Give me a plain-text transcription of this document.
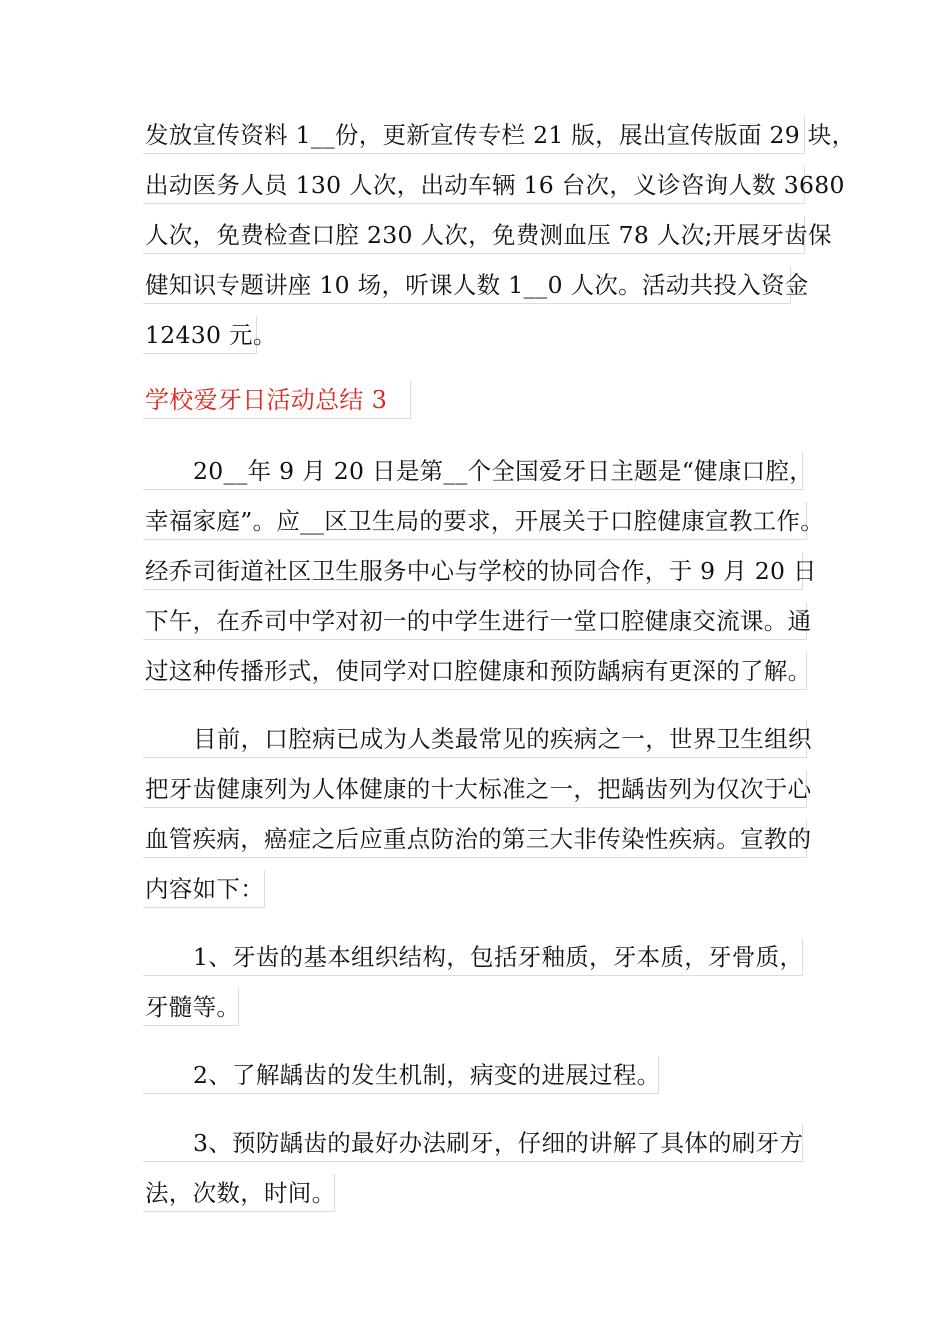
发放宣传资料 1__份，更新宣传专栏 21 版，展出宣传版面 29 块，
出动医务人员 130 人次，出动车辆 16 台次，义诊咨询人数 3680
人次，免费检查口腔 230 人次，免费测血压 78 人次;开展牙齿保
健知识专题讲座 10 场，听课人数 1__0 人次。活动共投入资金
12430 元。
学校爱牙日活动总结 3
20__年 9 月 20 日是第__个全国爱牙日主题是“健康口腔，
幸福家庭”。应__区卫生局的要求，开展关于口腔健康宣教工作。
经乔司街道社区卫生服务中心与学校的协同合作，于 9 月 20 日
下午，在乔司中学对初一的中学生进行一堂口腔健康交流课。通
过这种传播形式，使同学对口腔健康和预防龋病有更深的了解。
目前，口腔病已成为人类最常见的疾病之一，世界卫生组织
把牙齿健康列为人体健康的十大标准之一，把龋齿列为仅次于心
血管疾病，癌症之后应重点防治的第三大非传染性疾病。宣教的
内容如下：
1、牙齿的基本组织结构，包括牙釉质，牙本质，牙骨质，
牙髓等。
2、了解龋齿的发生机制，病变的进展过程。
3、预防龋齿的最好办法刷牙，仔细的讲解了具体的刷牙方
法，次数，时间。
